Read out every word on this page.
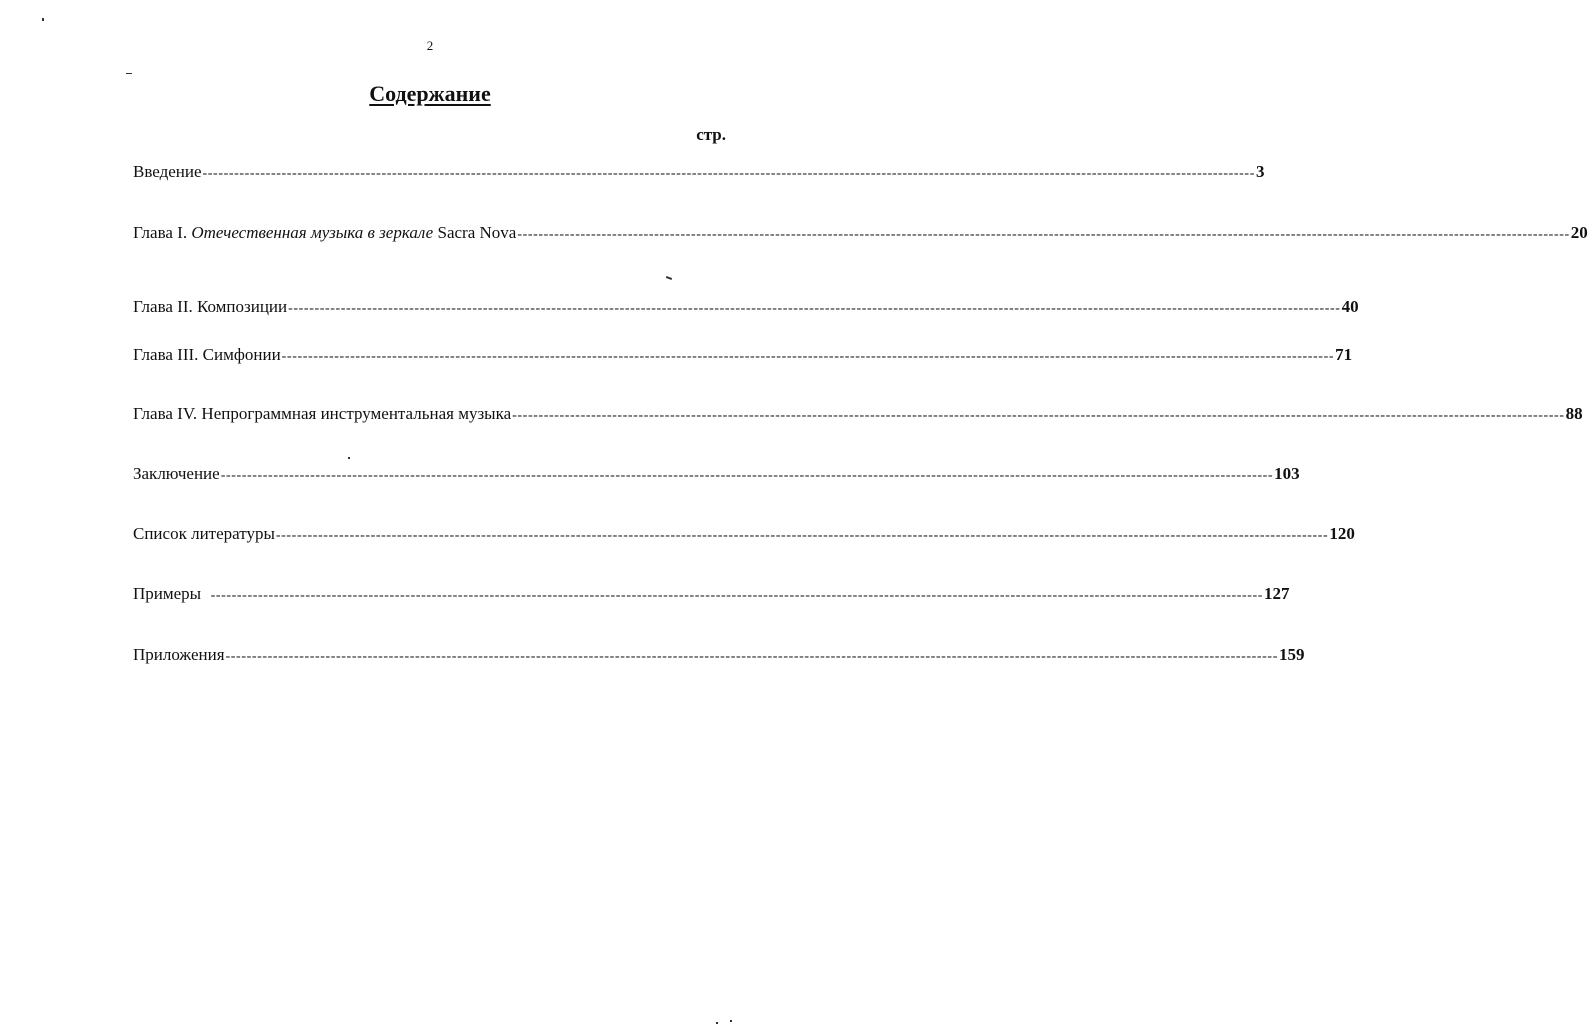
2
Содержание
стр.
Введение -------------------------------------------------------------------------------------------------------------------------------------------------------------------------------------------------------- 3
Глава I. Отечественная музыка в зеркале Sacra Nova -------------------------------------------------------------------------------------------------------------------------------------------------------------------------------------------------------- 20
Глава II. Композиции -------------------------------------------------------------------------------------------------------------------------------------------------------------------------------------------------------- 40
Глава III. Симфонии -------------------------------------------------------------------------------------------------------------------------------------------------------------------------------------------------------- 71
Глава IV. Непрограммная инструментальная музыка -------------------------------------------------------------------------------------------------------------------------------------------------------------------------------------------------------- 88
Заключение -------------------------------------------------------------------------------------------------------------------------------------------------------------------------------------------------------- 103
Список литературы -------------------------------------------------------------------------------------------------------------------------------------------------------------------------------------------------------- 120
Примеры -------------------------------------------------------------------------------------------------------------------------------------------------------------------------------------------------------- 127
Приложения -------------------------------------------------------------------------------------------------------------------------------------------------------------------------------------------------------- 159
